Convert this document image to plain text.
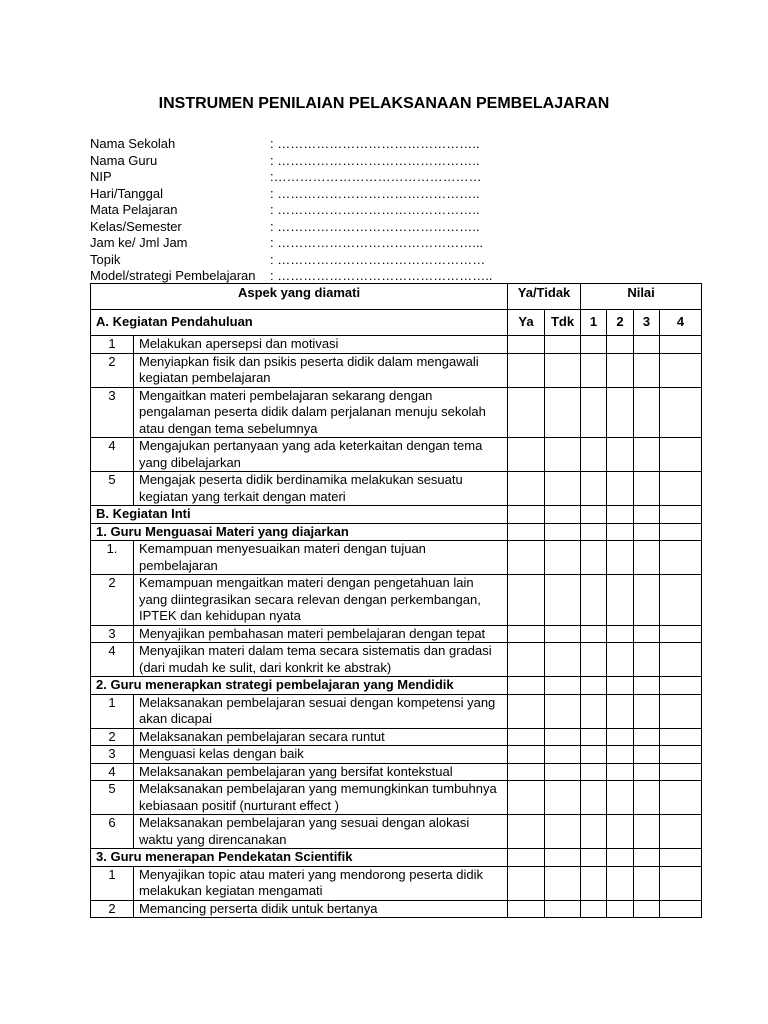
INSTRUMEN PENILAIAN PELAKSANAAN PEMBELAJARAN
Nama Sekolah	: ………………………………………..
Nama Guru	: ………………………………………..
NIP	:…………………………………………
Hari/Tanggal	: ………………………………………..
Mata Pelajaran	: ………………………………………..
Kelas/Semester	: ………………………………………..
Jam ke/ Jml Jam	: ………………………………………...
Topik	: …………………………………………
Model/strategi Pembelajaran	: …………………………………………..
Aspek yang diamati		Ya/Tidak		Nilai			
A. Kegiatan Pendahuluan		Ya	Tdk	1	2	3	4
1	Melakukan apersepsi dan motivasi						
2	Menyiapkan fisik dan psikis peserta didik dalam mengawali kegiatan pembelajaran						
3	Mengaitkan materi pembelajaran sekarang dengan pengalaman peserta didik dalam perjalanan menuju sekolah atau dengan tema sebelumnya						
4	Mengajukan pertanyaan yang ada keterkaitan dengan tema yang dibelajarkan						
5	Mengajak peserta didik berdinamika melakukan sesuatu kegiatan yang terkait dengan materi						
B. Kegiatan Inti							
1. Guru Menguasai Materi yang diajarkan							
1.	Kemampuan menyesuaikan materi dengan tujuan pembelajaran						
2	Kemampuan mengaitkan materi dengan pengetahuan lain yang diintegrasikan secara relevan dengan perkembangan, IPTEK dan kehidupan nyata						
3	Menyajikan pembahasan materi pembelajaran dengan tepat						
4	Menyajikan materi dalam tema secara sistematis dan gradasi (dari mudah ke sulit, dari konkrit ke abstrak)						
2. Guru menerapkan strategi pembelajaran yang Mendidik							
1	Melaksanakan pembelajaran sesuai dengan kompetensi yang akan dicapai						
2	Melaksanakan pembelajaran secara runtut						
3	Menguasi kelas dengan baik						
4	Melaksanakan pembelajaran yang bersifat kontekstual						
5	Melaksanakan pembelajaran yang memungkinkan tumbuhnya kebiasaan positif (nurturant effect )						
6	Melaksanakan pembelajaran yang sesuai dengan alokasi waktu yang direncanakan						
3. Guru menerapan Pendekatan Scientifik							
1	Menyajikan topic atau materi yang mendorong peserta didik melakukan kegiatan mengamati						
2	Memancing perserta didik untuk bertanya						
